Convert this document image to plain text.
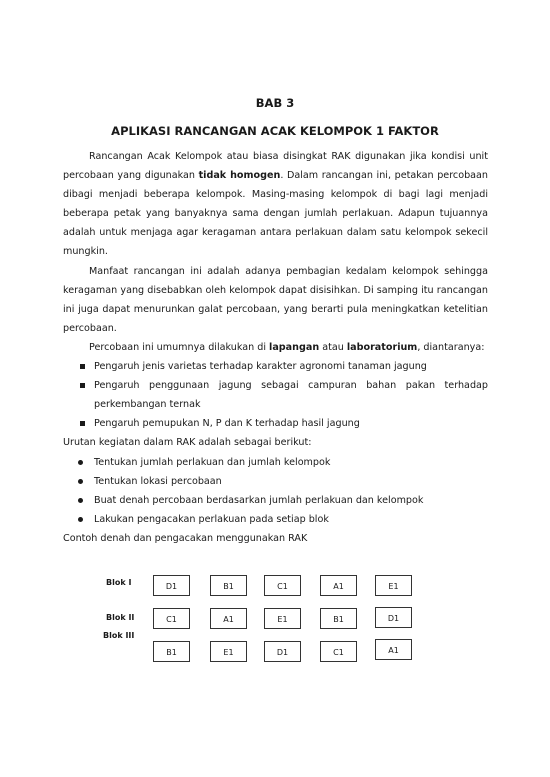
BAB 3
APLIKASI RANCANGAN ACAK KELOMPOK 1 FAKTOR

Rancangan Acak Kelompok atau biasa disingkat RAK digunakan jika kondisi unit percobaan yang digunakan tidak homogen. Dalam rancangan ini, petakan percobaan dibagi menjadi beberapa kelompok. Masing-masing kelompok di bagi lagi menjadi beberapa petak yang banyaknya sama dengan jumlah perlakuan. Adapun tujuannya adalah untuk menjaga agar keragaman antara perlakuan dalam satu kelompok sekecil mungkin.

Manfaat rancangan ini adalah adanya pembagian kedalam kelompok sehingga keragaman yang disebabkan oleh kelompok dapat disisihkan. Di samping itu rancangan ini juga dapat menurunkan galat percobaan, yang berarti pula meningkatkan ketelitian percobaan.

Percobaan ini umumnya dilakukan di lapangan atau laboratorium, diantaranya:

Pengaruh jenis varietas terhadap karakter agronomi tanaman jagung
Pengaruh penggunaan jagung sebagai campuran bahan pakan terhadap perkembangan ternak
Pengaruh pemupukan N, P dan K terhadap hasil jagung

Urutan kegiatan dalam RAK adalah sebagai berikut:

Tentukan jumlah perlakuan dan jumlah kelompok
Tentukan lokasi percobaan
Buat denah percobaan berdasarkan jumlah perlakuan dan kelompok
Lakukan pengacakan perlakuan pada setiap blok

Contoh denah dan pengacakan menggunakan RAK

Blok I
Blok II
Blok III
D1	B1	C1	A1	E1
C1	A1	E1	B1	D1
B1	E1	D1	C1	A1
